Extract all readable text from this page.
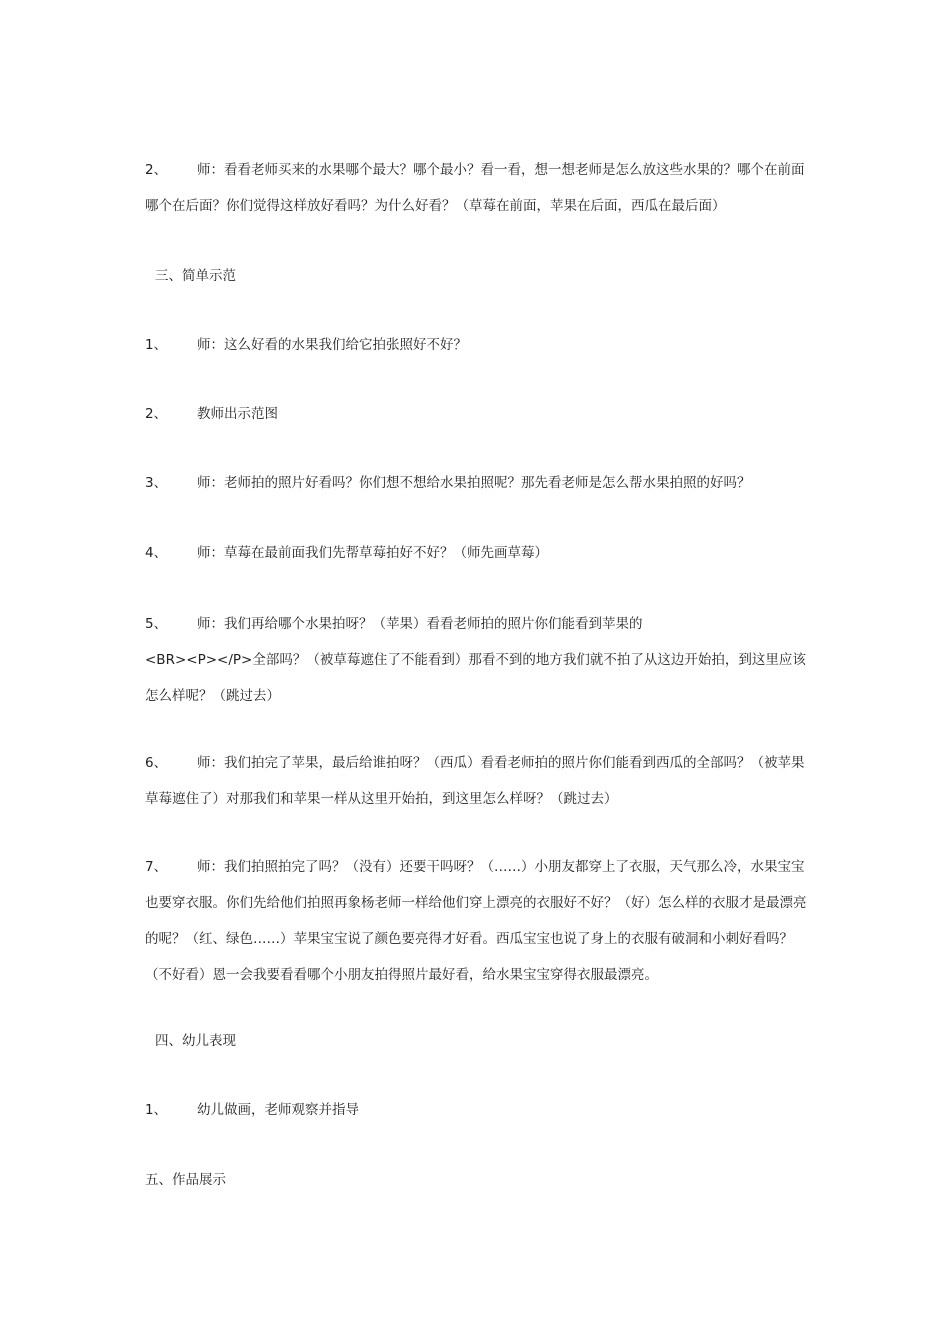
2、	师：看看老师买来的水果哪个最大？哪个最小？看一看，想一想老师是怎么放这些水果的？哪个在前面哪个在后面？你们觉得这样放好看吗？为什么好看？（草莓在前面，苹果在后面，西瓜在最后面）
三、简单示范
1、	师：这么好看的水果我们给它拍张照好不好？
2、	教师出示范图
3、	师：老师拍的照片好看吗？你们想不想给水果拍照呢？那先看老师是怎么帮水果拍照的好吗？
4、	师：草莓在最前面我们先帮草莓拍好不好？（师先画草莓）
5、	师：我们再给哪个水果拍呀？（苹果）看看老师拍的照片你们能看到苹果的
<BR><P></P>全部吗？（被草莓遮住了不能看到）那看不到的地方我们就不拍了从这边开始拍，到这里应该怎么样呢？（跳过去）
6、	师：我们拍完了苹果，最后给谁拍呀？（西瓜）看看老师拍的照片你们能看到西瓜的全部吗？（被苹果草莓遮住了）对那我们和苹果一样从这里开始拍，到这里怎么样呀？（跳过去）
7、	师：我们拍照拍完了吗？（没有）还要干吗呀？（……）小朋友都穿上了衣服，天气那么冷，水果宝宝也要穿衣服。你们先给他们拍照再象杨老师一样给他们穿上漂亮的衣服好不好？（好）怎么样的衣服才是最漂亮的呢？（红、绿色……）苹果宝宝说了颜色要亮得才好看。西瓜宝宝也说了身上的衣服有破洞和小刺好看吗？（不好看）恩一会我要看看哪个小朋友拍得照片最好看，给水果宝宝穿得衣服最漂亮。
四、幼儿表现
1、	幼儿做画，老师观察并指导
五、作品展示
